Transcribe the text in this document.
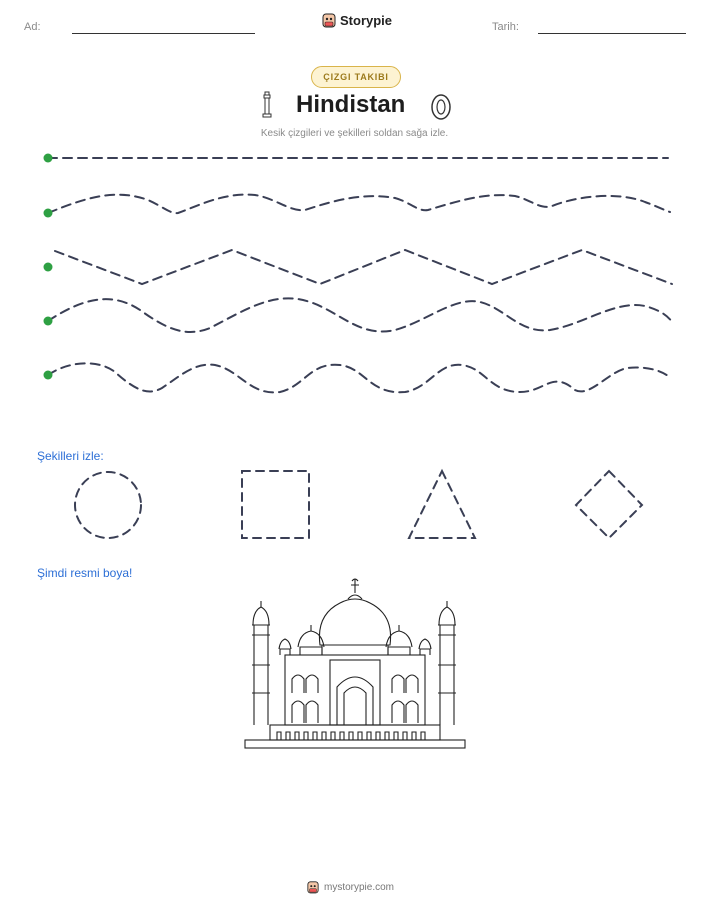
Ad:	Storypie	Tarih:
ÇIZGI TAKIBI
Hindistan
Kesik çizgileri ve şekilleri soldan sağa izle.
Şekilleri izle:
Şimdi resmi boya!
mystorypie.com
